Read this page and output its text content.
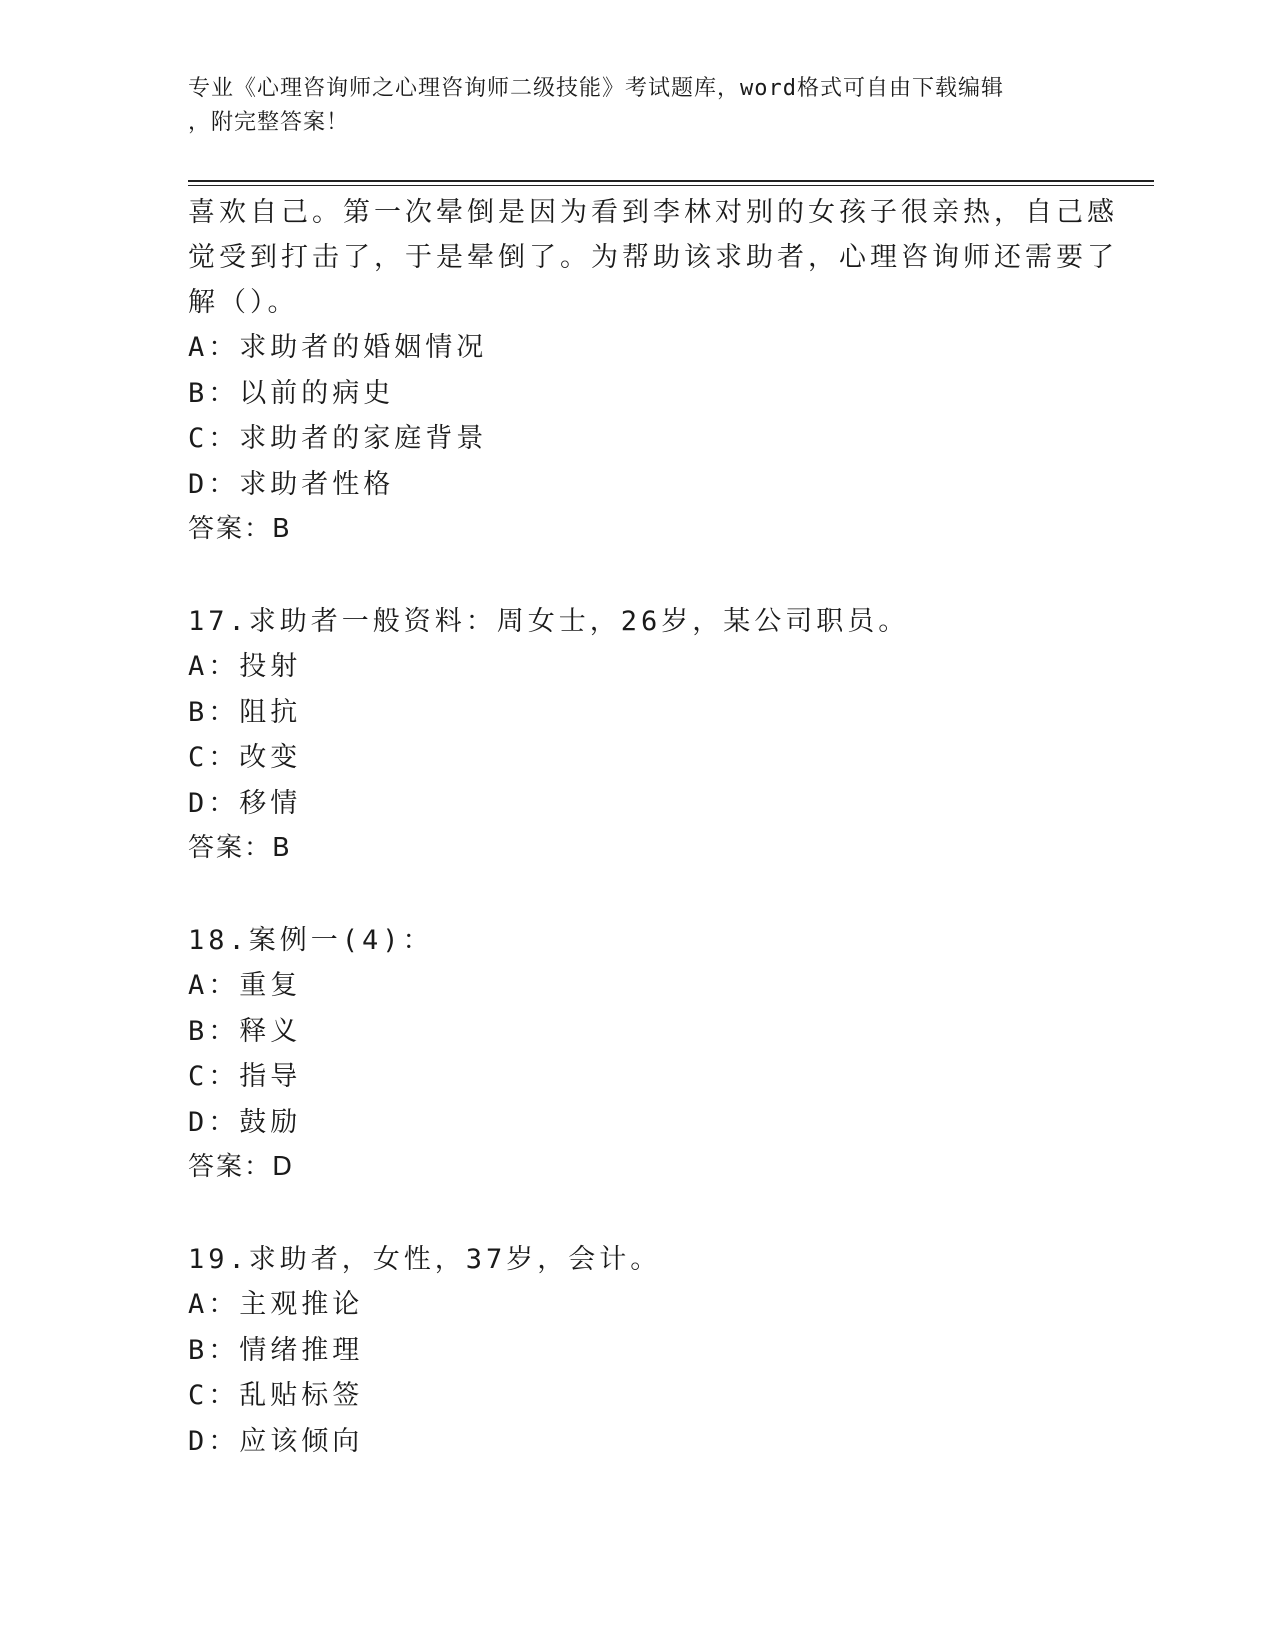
专业《心理咨询师之心理咨询师二级技能》考试题库，word格式可自由下载编辑
，附完整答案！
喜欢自己。第一次晕倒是因为看到李林对别的女孩子很亲热，自己感
觉受到打击了，于是晕倒了。为帮助该求助者，心理咨询师还需要了
解（）。
A：求助者的婚姻情况
B：以前的病史
C：求助者的家庭背景
D：求助者性格
答案：B
17.求助者一般资料：周女士，26岁，某公司职员。
A：投射
B：阻抗
C：改变
D：移情
答案：B
18.案例一(4)：
A：重复
B：释义
C：指导
D：鼓励
答案：D
19.求助者，女性，37岁，会计。
A：主观推论
B：情绪推理
C：乱贴标签
D：应该倾向
